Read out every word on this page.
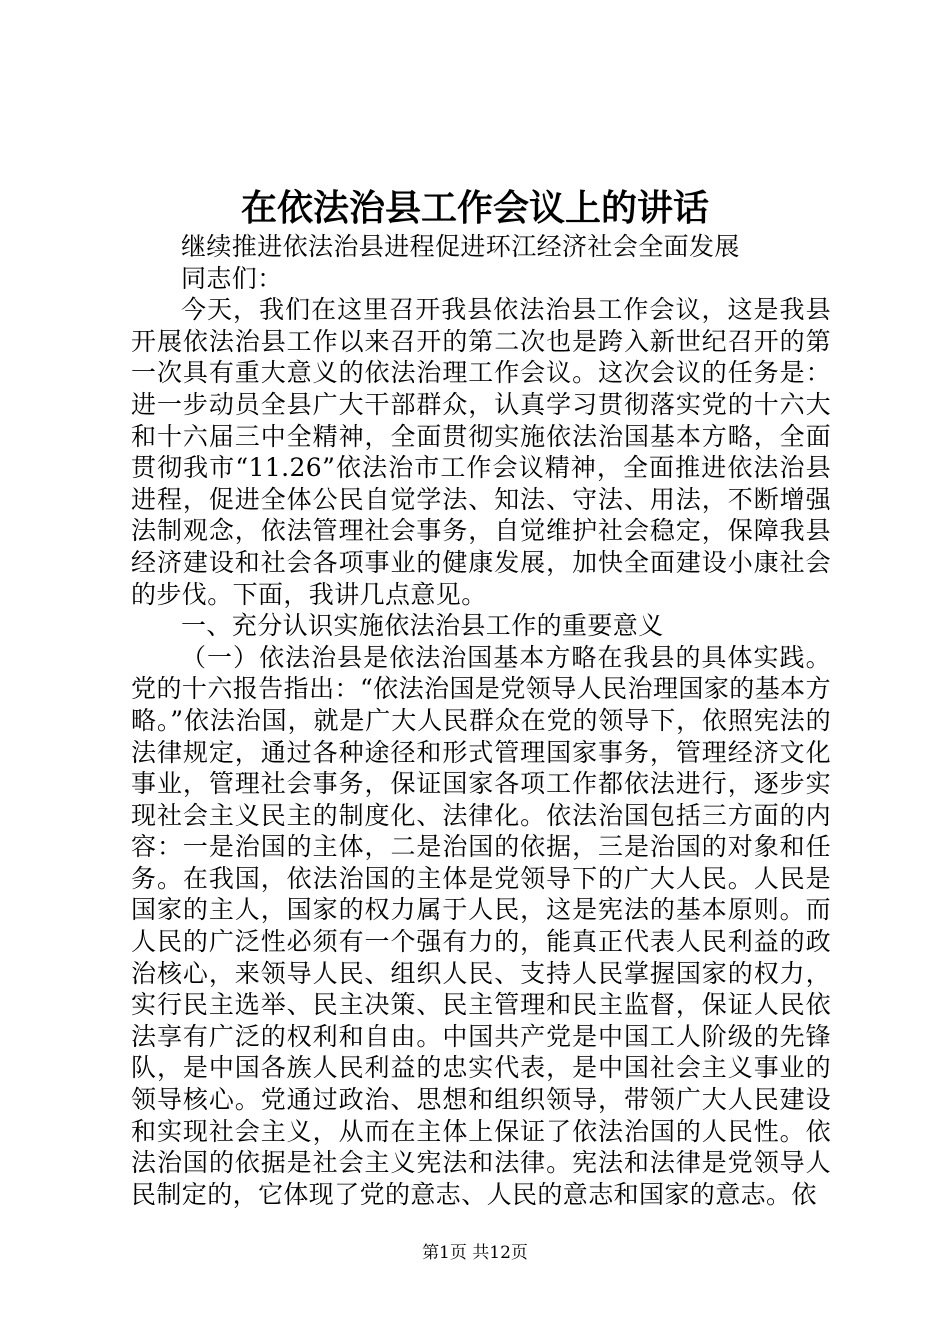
在依法治县工作会议上的讲话

继续推进依法治县进程促进环江经济社会全面发展

同志们：

今天，我们在这里召开我县依法治县工作会议，这是我县开展依法治县工作以来召开的第二次也是跨入新世纪召开的第一次具有重大意义的依法治理工作会议。这次会议的任务是：进一步动员全县广大干部群众，认真学习贯彻落实党的十六大和十六届三中全精神，全面贯彻实施依法治国基本方略，全面贯彻我市“11.26”依法治市工作会议精神，全面推进依法治县进程，促进全体公民自觉学法、知法、守法、用法，不断增强法制观念，依法管理社会事务，自觉维护社会稳定，保障我县经济建设和社会各项事业的健康发展，加快全面建设小康社会的步伐。下面，我讲几点意见。

一、充分认识实施依法治县工作的重要意义

（一）依法治县是依法治国基本方略在我县的具体实践。党的十六报告指出：“依法治国是党领导人民治理国家的基本方略。”依法治国，就是广大人民群众在党的领导下，依照宪法的法律规定，通过各种途径和形式管理国家事务，管理经济文化事业，管理社会事务，保证国家各项工作都依法进行，逐步实现社会主义民主的制度化、法律化。依法治国包括三方面的内容：一是治国的主体，二是治国的依据，三是治国的对象和任务。在我国，依法治国的主体是党领导下的广大人民。人民是国家的主人，国家的权力属于人民，这是宪法的基本原则。而人民的广泛性必须有一个强有力的，能真正代表人民利益的政治核心，来领导人民、组织人民、支持人民掌握国家的权力，实行民主选举、民主决策、民主管理和民主监督，保证人民依法享有广泛的权利和自由。中国共产党是中国工人阶级的先锋队，是中国各族人民利益的忠实代表，是中国社会主义事业的领导核心。党通过政治、思想和组织领导，带领广大人民建设和实现社会主义，从而在主体上保证了依法治国的人民性。依法治国的依据是社会主义宪法和法律。宪法和法律是党领导人民制定的，它体现了党的意志、人民的意志和国家的意志。依

第1页 共12页
